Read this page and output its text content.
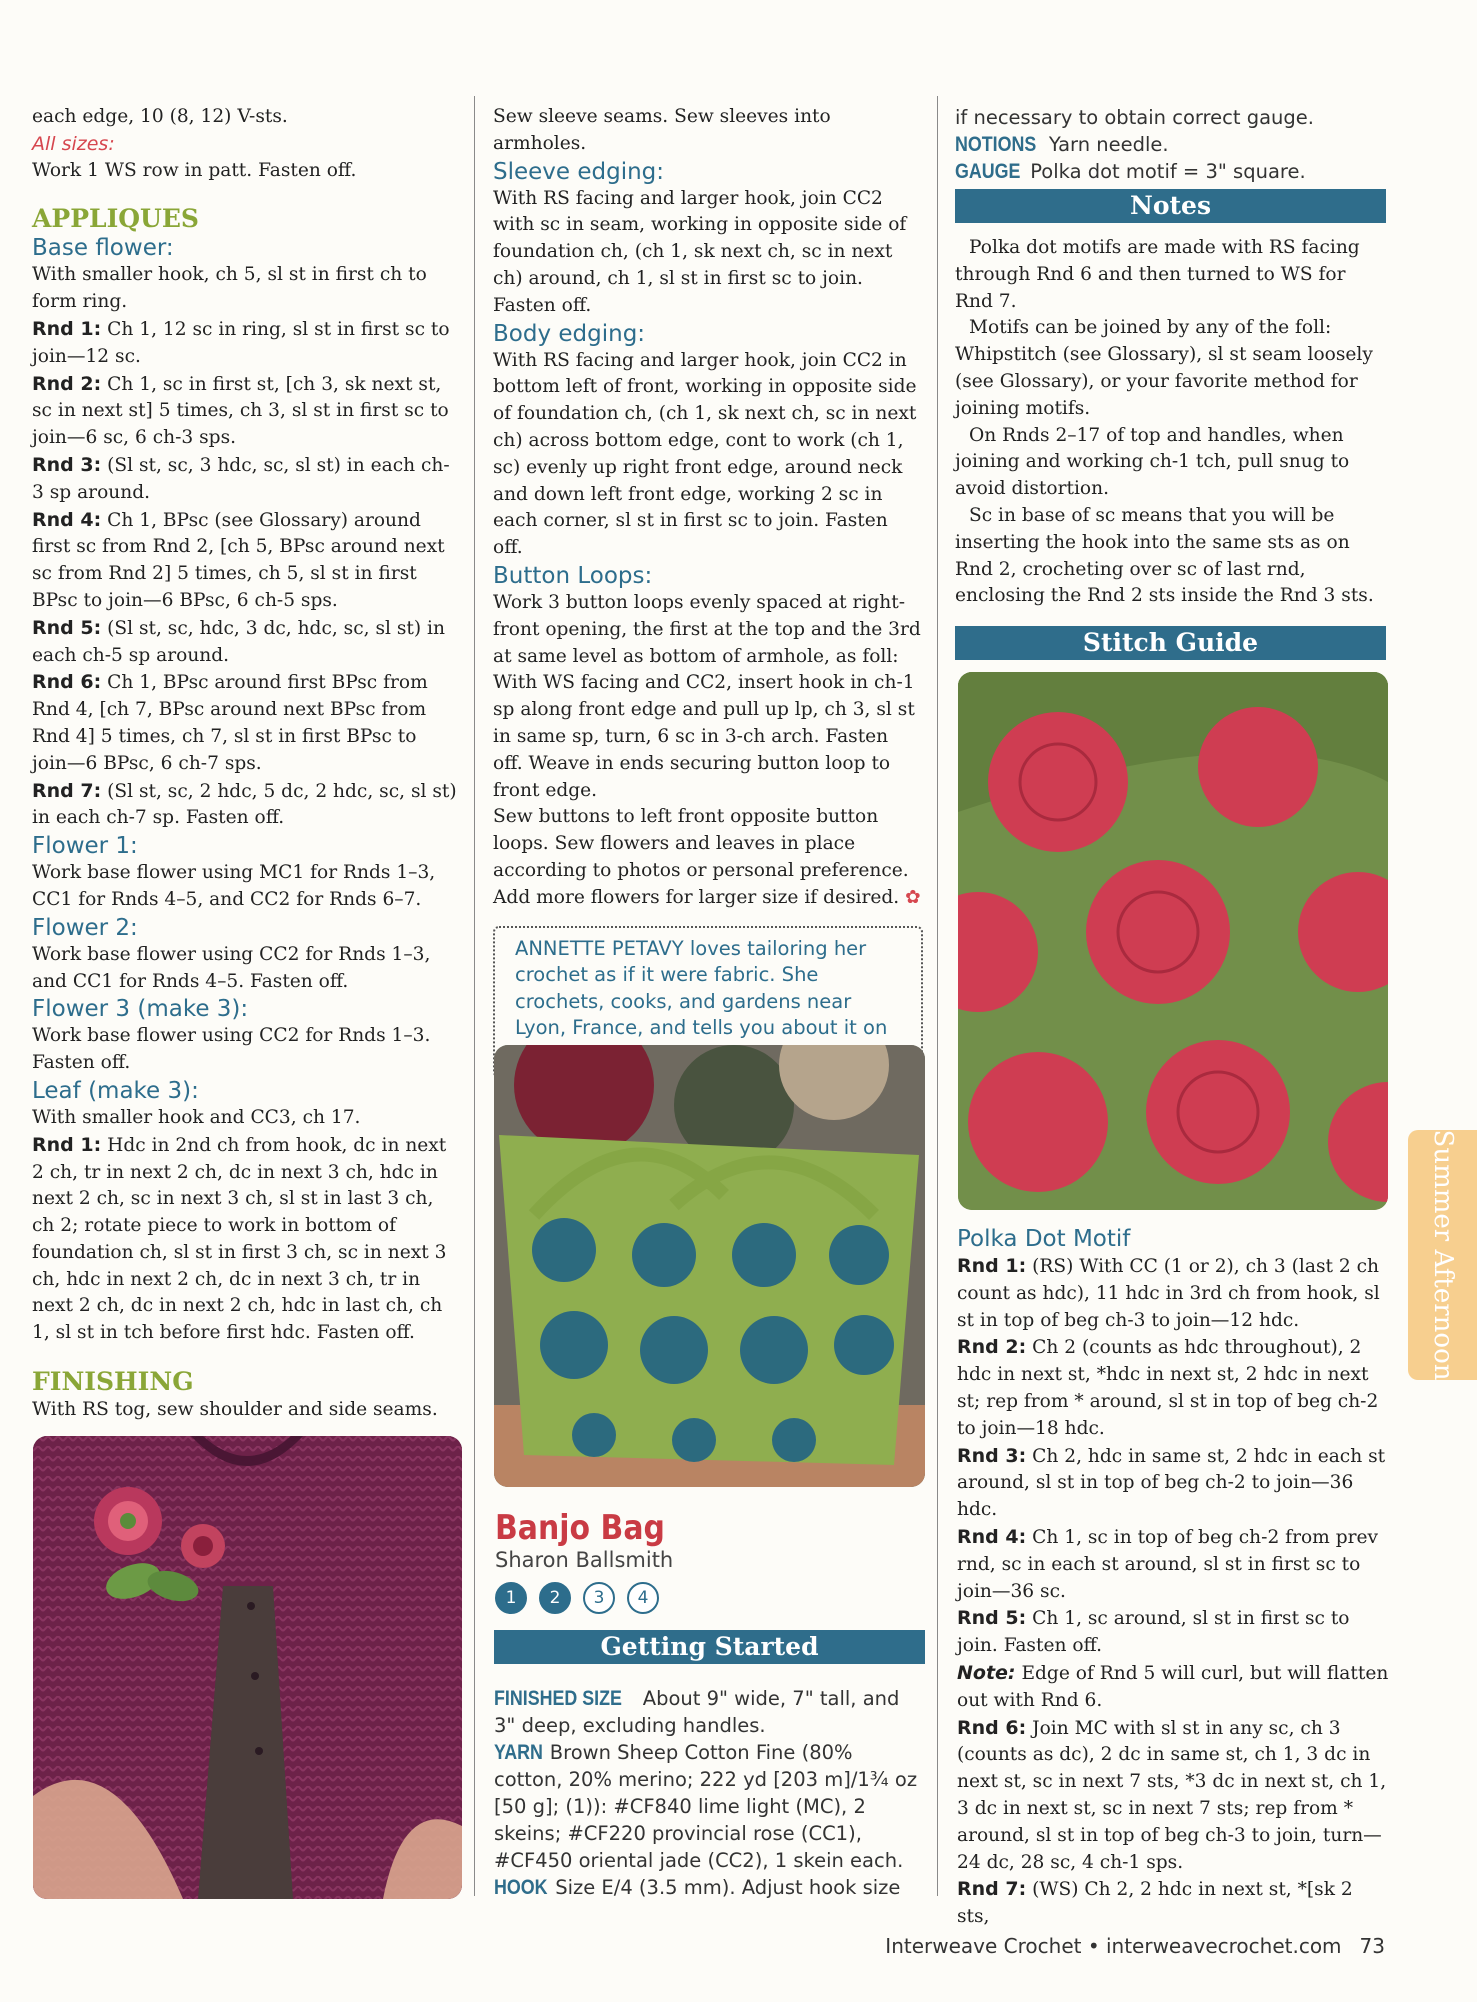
each edge, 10 (8, 12) V-sts.

All sizes:

Work 1 WS row in patt. Fasten off.

APPLIQUES

Base flower:

With smaller hook, ch 5, sl st in first ch to form ring.

Rnd 1: Ch 1, 12 sc in ring, sl st in first sc to join—12 sc.

Rnd 2: Ch 1, sc in first st, [ch 3, sk next st, sc in next st] 5 times, ch 3, sl st in first sc to join—6 sc, 6 ch-3 sps.

Rnd 3: (Sl st, sc, 3 hdc, sc, sl st) in each ch-3 sp around.

Rnd 4: Ch 1, BPsc (see Glossary) around first sc from Rnd 2, [ch 5, BPsc around next sc from Rnd 2] 5 times, ch 5, sl st in first BPsc to join—6 BPsc, 6 ch-5 sps.

Rnd 5: (Sl st, sc, hdc, 3 dc, hdc, sc, sl st) in each ch-5 sp around.

Rnd 6: Ch 1, BPsc around first BPsc from Rnd 4, [ch 7, BPsc around next BPsc from Rnd 4] 5 times, ch 7, sl st in first BPsc to join—6 BPsc, 6 ch-7 sps.

Rnd 7: (Sl st, sc, 2 hdc, 5 dc, 2 hdc, sc, sl st) in each ch-7 sp. Fasten off.

Flower 1:

Work base flower using MC1 for Rnds 1–3, CC1 for Rnds 4–5, and CC2 for Rnds 6–7.

Flower 2:

Work base flower using CC2 for Rnds 1–3, and CC1 for Rnds 4–5. Fasten off.

Flower 3 (make 3):

Work base flower using CC2 for Rnds 1–3. Fasten off.

Leaf (make 3):

With smaller hook and CC3, ch 17.

Rnd 1: Hdc in 2nd ch from hook, dc in next 2 ch, tr in next 2 ch, dc in next 3 ch, hdc in next 2 ch, sc in next 3 ch, sl st in last 3 ch, ch 2; rotate piece to work in bottom of foundation ch, sl st in first 3 ch, sc in next 3 ch, hdc in next 2 ch, dc in next 3 ch, tr in next 2 ch, dc in next 2 ch, hdc in last ch, ch 1, sl st in tch before first hdc. Fasten off.

FINISHING

With RS tog, sew shoulder and side seams.

Sew sleeve seams. Sew sleeves into armholes.

Sleeve edging:

With RS facing and larger hook, join CC2 with sc in seam, working in opposite side of foundation ch, (ch 1, sk next ch, sc in next ch) around, ch 1, sl st in first sc to join. Fasten off.

Body edging:

With RS facing and larger hook, join CC2 in bottom left of front, working in opposite side of foundation ch, (ch 1, sk next ch, sc in next ch) across bottom edge, cont to work (ch 1, sc) evenly up right front edge, around neck and down left front edge, working 2 sc in each corner, sl st in first sc to join. Fasten off.

Button Loops:

Work 3 button loops evenly spaced at right-front opening, the first at the top and the 3rd at same level as bottom of armhole, as foll: With WS facing and CC2, insert hook in ch-1 sp along front edge and pull up lp, ch 3, sl st in same sp, turn, 6 sc in 3-ch arch. Fasten off. Weave in ends securing button loop to front edge.

Sew buttons to left front opposite button loops. Sew flowers and leaves in place according to photos or personal preference. Add more flowers for larger size if desired. ✿

ANNETTE PETAVY loves tailoring her crochet as if it were fabric. She crochets, cooks, and gardens near Lyon, France, and tells you about it on

Banjo Bag

Sharon Ballsmith

1 2 3 4
Getting Started

FINISHED SIZE About 9" wide, 7" tall, and 3" deep, excluding handles.

YARN Brown Sheep Cotton Fine (80% cotton, 20% merino; 222 yd [203 m]/1¾ oz [50 g]; (1)): #CF840 lime light (MC), 2 skeins; #CF220 provincial rose (CC1), #CF450 oriental jade (CC2), 1 skein each.

HOOK Size E/4 (3.5 mm). Adjust hook size

if necessary to obtain correct gauge.

NOTIONS Yarn needle.

GAUGE Polka dot motif = 3" square.

Notes

Polka dot motifs are made with RS facing through Rnd 6 and then turned to WS for Rnd 7.

Motifs can be joined by any of the foll: Whipstitch (see Glossary), sl st seam loosely (see Glossary), or your favorite method for joining motifs.

On Rnds 2–17 of top and handles, when joining and working ch-1 tch, pull snug to avoid distortion.

Sc in base of sc means that you will be inserting the hook into the same sts as on Rnd 2, crocheting over sc of last rnd, enclosing the Rnd 2 sts inside the Rnd 3 sts.

Stitch Guide

Polka Dot Motif

Rnd 1: (RS) With CC (1 or 2), ch 3 (last 2 ch count as hdc), 11 hdc in 3rd ch from hook, sl st in top of beg ch-3 to join—12 hdc.

Rnd 2: Ch 2 (counts as hdc throughout), 2 hdc in next st, *hdc in next st, 2 hdc in next st; rep from * around, sl st in top of beg ch-2 to join—18 hdc.

Rnd 3: Ch 2, hdc in same st, 2 hdc in each st around, sl st in top of beg ch-2 to join—36 hdc.

Rnd 4: Ch 1, sc in top of beg ch-2 from prev rnd, sc in each st around, sl st in first sc to join—36 sc.

Rnd 5: Ch 1, sc around, sl st in first sc to join. Fasten off.

Note: Edge of Rnd 5 will curl, but will flatten out with Rnd 6.

Rnd 6: Join MC with sl st in any sc, ch 3 (counts as dc), 2 dc in same st, ch 1, 3 dc in next st, sc in next 7 sts, *3 dc in next st, ch 1, 3 dc in next st, sc in next 7 sts; rep from * around, sl st in top of beg ch-3 to join, turn—24 dc, 28 sc, 4 ch-1 sps.

Rnd 7: (WS) Ch 2, 2 hdc in next st, *[sk 2 sts,

Summer Afternoon
Interweave Crochet • interweavecrochet.com 73
